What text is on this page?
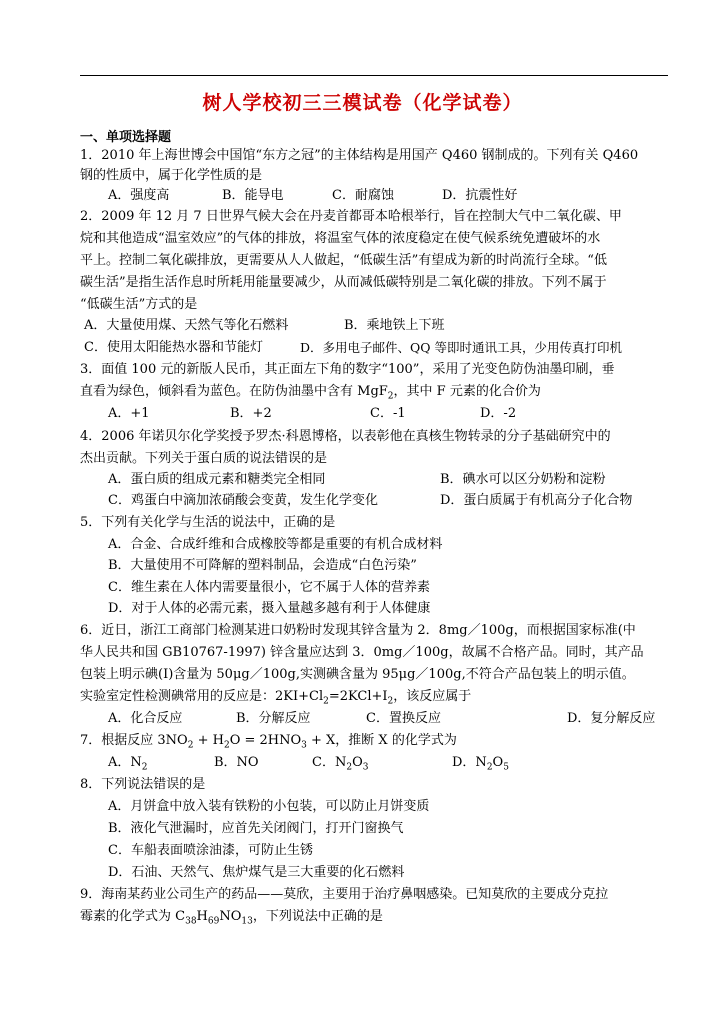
树人学校初三三模试卷（化学试卷）
一、单项选择题
1．2010 年上海世博会中国馆“东方之冠”的主体结构是用国产 Q460 钢制成的。下列有关 Q460
钢的性质中，属于化学性质的是
A．强度高	B．能导电	C．耐腐蚀	D．抗震性好
2．2009 年 12 月 7 日世界气候大会在丹麦首都哥本哈根举行，旨在控制大气中二氧化碳、甲
烷和其他造成“温室效应”的气体的排放，将温室气体的浓度稳定在使气候系统免遭破坏的水
平上。控制二氧化碳排放，更需要从人人做起，“低碳生活”有望成为新的时尚流行全球。“低
碳生活”是指生活作息时所耗用能量要减少，从而减低碳特别是二氧化碳的排放。下列不属于
“低碳生活”方式的是
A．大量使用煤、天然气等化石燃料	B．乘地铁上下班
C．使用太阳能热水器和节能灯	D．多用电子邮件、QQ 等即时通讯工具，少用传真打印机
3．面值 100 元的新版人民币，其正面左下角的数字“100”，采用了光变色防伪油墨印刷，垂
直看为绿色，倾斜看为蓝色。在防伪油墨中含有 MgF$_2$，其中 F 元素的化合价为
A．+1	B．+2	C．-1	D．-2
4．2006 年诺贝尔化学奖授予罗杰·科恩博格，以表彰他在真核生物转录的分子基础研究中的
杰出贡献。下列关于蛋白质的说法错误的是
A．蛋白质的组成元素和糖类完全相同	B．碘水可以区分奶粉和淀粉
C．鸡蛋白中滴加浓硝酸会变黄，发生化学变化	D．蛋白质属于有机高分子化合物
5．下列有关化学与生活的说法中，正确的是
A．合金、合成纤维和合成橡胶等都是重要的有机合成材料
B．大量使用不可降解的塑料制品，会造成“白色污染”
C．维生素在人体内需要量很小，它不属于人体的营养素
D．对于人体的必需元素，摄入量越多越有利于人体健康
6．近日，浙江工商部门检测某进口奶粉时发现其锌含量为 2．8mg／100g，而根据国家标准(中
华人民共和国 GB10767-1997) 锌含量应达到 3．0mg／100g，故属不合格产品。同时，其产品
包装上明示碘(I)含量为 50μg／100g,实测碘含量为 95μg／100g,不符合产品包装上的明示值。
实验室定性检测碘常用的反应是：$2KI+Cl_2=2KCl+I_2$，该反应属于
A．化合反应	B．分解反应	C．置换反应	D．复分解反应
7．根据反应 $3NO_2 + H_2O = 2HNO_3 + X$，推断 X 的化学式为
A．$N_2$	B．NO	C．$N_2O_3$	D．$N_2O_5$
8．下列说法错误的是
A．月饼盒中放入装有铁粉的小包装，可以防止月饼变质
B．液化气泄漏时，应首先关闭阀门，打开门窗换气
C．车船表面喷涂油漆，可防止生锈
D．石油、天然气、焦炉煤气是三大重要的化石燃料
9．海南某药业公司生产的药品——莫欣，主要用于治疗鼻咽感染。已知莫欣的主要成分克拉
霉素的化学式为 $C_{38}H_{69}NO_{13}$，下列说法中正确的是
